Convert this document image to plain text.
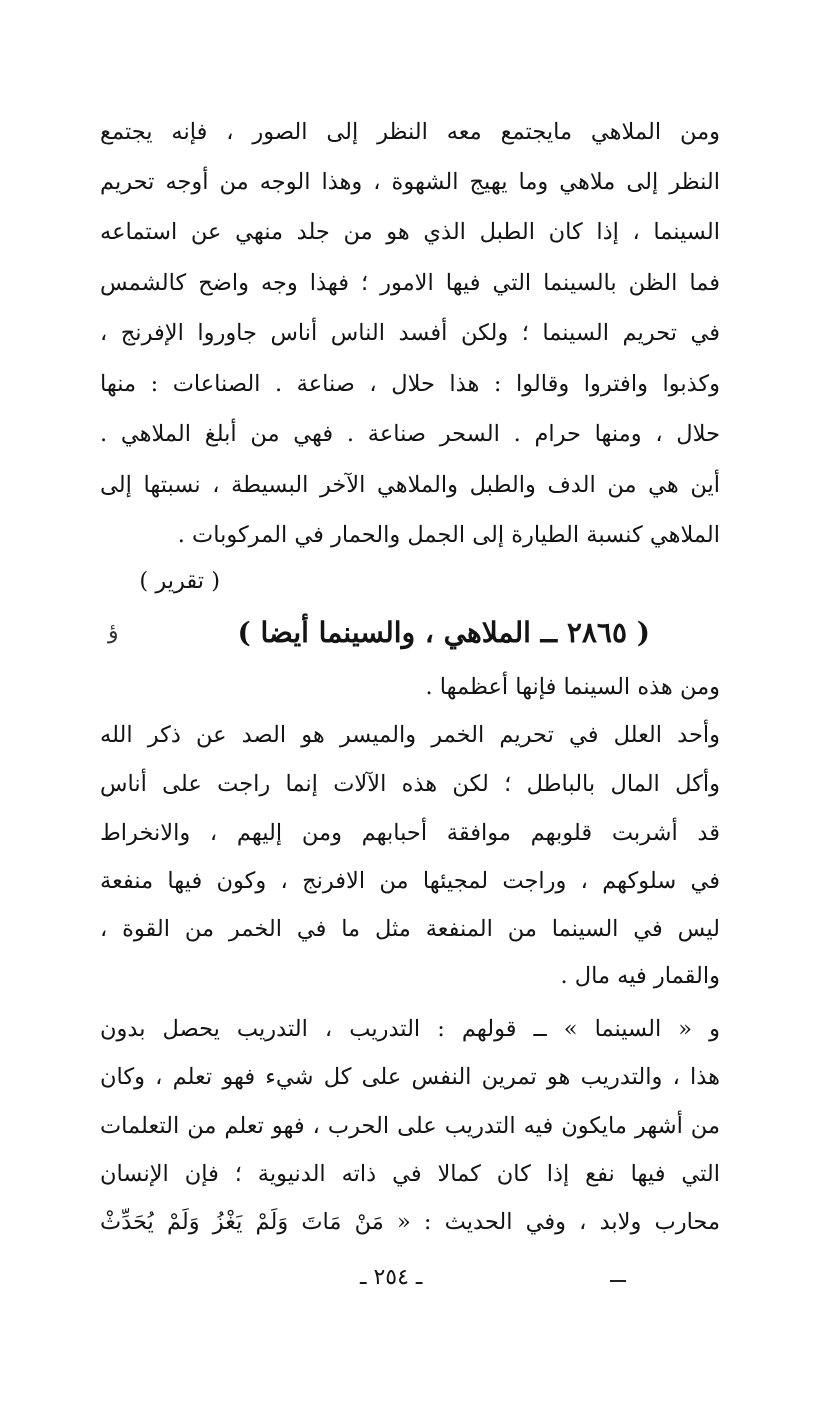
ومن الملاهي مايجتمع معه النظر إلى الصور ، فإنه يجتمع
النظر إلى ملاهي وما يهيج الشهوة ، وهذا الوجه من أوجه تحريم
السينما ، إذا كان الطبل الذي هو من جلد منهي عن استماعه
فما الظن بالسينما التي فيها الامور ؛ فهذا وجه واضح كالشمس
في تحريم السينما ؛ ولكن أفسد الناس أناس جاوروا الإفرنج ،
وكذبوا وافتروا وقالوا : هذا حلال ، صناعة . الصناعات : منها
حلال ، ومنها حرام . السحر صناعة . فهي من أبلغ الملاهي .
أين هي من الدف والطبل والملاهي الآخر البسيطة ، نسبتها إلى
الملاهي كنسبة الطيارة إلى الجمل والحمار في المركوبات .
( تقرير )
( ٢٨٦٥ ــ الملاهي ، والسينما أيضا )
ؤ
ومن هذه السينما فإنها أعظمها .
وأحد العلل في تحريم الخمر والميسر هو الصد عن ذكر الله
وأكل المال بالباطل ؛ لكن هذه الآلات إنما راجت على أناس
قد أشربت قلوبهم موافقة أحبابهم ومن إليهم ، والانخراط
في سلوكهم ، وراجت لمجيئها من الافرنج ، وكون فيها منفعة
ليس في السينما من المنفعة مثل ما في الخمر من القوة ،
والقمار فيه مال .
و « السينما » ــ قولهم : التدريب ، التدريب يحصل بدون
هذا ، والتدريب هو تمرين النفس على كل شيء فهو تعلم ، وكان
من أشهر مايكون فيه التدريب على الحرب ، فهو تعلم من التعلمات
التي فيها نفع إذا كان كمالا في ذاته الدنيوية ؛ فإن الإنسان
محارب ولابد ، وفي الحديث : « مَنْ مَاتَ وَلَمْ يَغْزُ وَلَمْ يُحَدِّثْ
ـ ٢٥٤ ـ
